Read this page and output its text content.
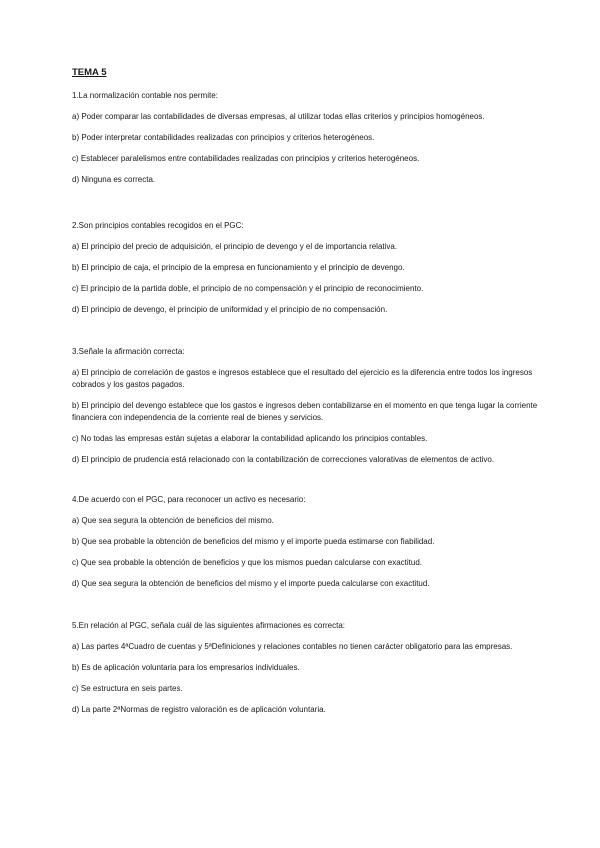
TEMA 5
1.La normalización contable nos permite:
a) Poder comparar las contabilidades de diversas empresas, al utilizar todas ellas criterios y principios homogéneos.
b) Poder interpretar contabilidades realizadas con principios y criterios heterogéneos.
c) Establecer paralelismos entre contabilidades realizadas con principios y criterios heterogéneos.
d) Ninguna es correcta.
2.Son principios contables recogidos en el PGC:
a) El principio del precio de adquisición, el principio de devengo y el de importancia relativa.
b) El principio de caja, el principio de la empresa en funcionamiento y el principio de devengo.
c) El principio de la partida doble, el principio de no compensación y el principio de reconocimiento.
d) El principio de devengo, el principio de uniformidad y el principio de no compensación.
3.Señale la afirmación correcta:
a) El principio de correlación de gastos e ingresos establece que el resultado del ejercicio es la diferencia entre todos los ingresos cobrados y los gastos pagados.
b) El principio del devengo establece que los gastos e ingresos deben contabilizarse en el momento en que tenga lugar la corriente financiera con independencia de la corriente real de bienes y servicios.
c) No todas las empresas están sujetas a elaborar la contabilidad aplicando los principios contables.
d) El principio de prudencia está relacionado con la contabilización de correcciones valorativas de elementos de activo.
4.De acuerdo con el PGC, para reconocer un activo es necesario:
a) Que sea segura la obtención de beneficios del mismo.
b) Que sea probable la obtención de beneficios del mismo y el importe pueda estimarse con fiabilidad.
c) Que sea probable la obtención de beneficios y que los mismos puedan calcularse con exactitud.
d) Que sea segura la obtención de beneficios del mismo y el importe pueda calcularse con exactitud.
5.En relación al PGC, señala cuál de las siguientes afirmaciones es correcta:
a) Las partes 4ªCuadro de cuentas y 5ªDefiniciones y relaciones contables no tienen carácter obligatorio para las empresas.
b) Es de aplicación voluntaria para los empresarios individuales.
c) Se estructura en seis partes.
d) La parte 2ªNormas de registro valoración es de aplicación voluntaria.
